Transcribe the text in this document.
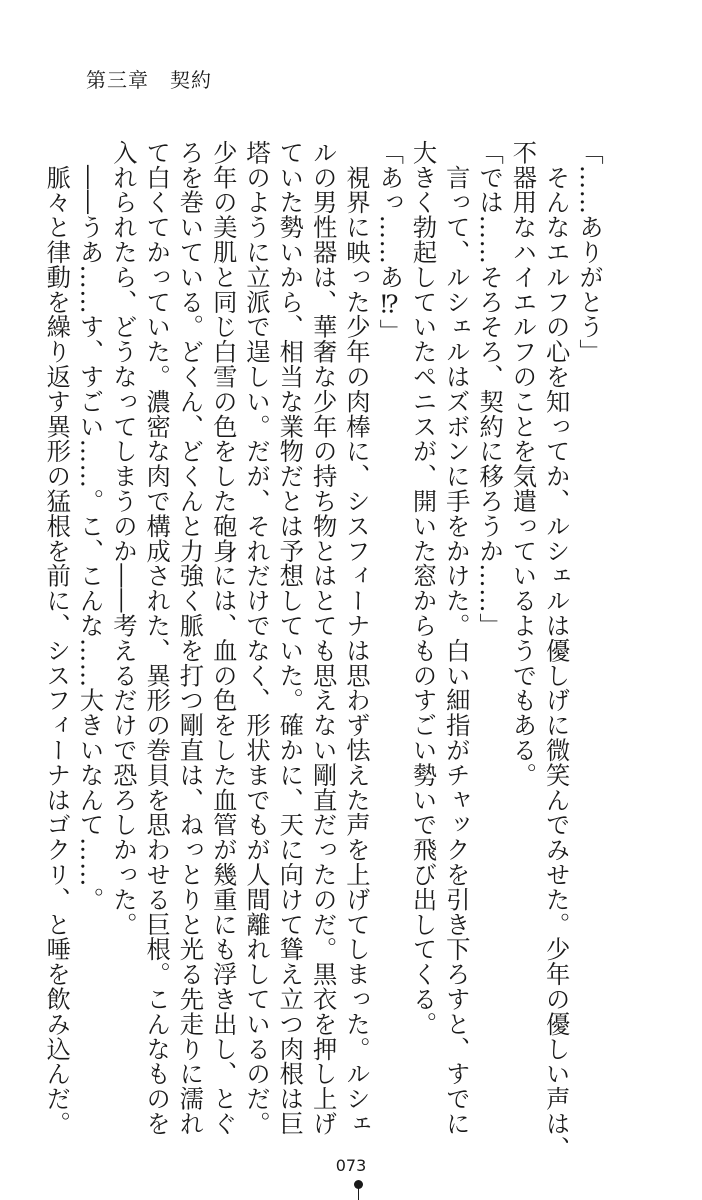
第三章　契約
「……ありがとう」
　そんなエルフの心を知ってか、ルシェルは優しげに微笑んでみせた。少年の優しい声は、
不器用なハイエルフのことを気遣っているようでもある。
「では……そろそろ、契約に移ろうか……」
　言って、ルシェルはズボンに手をかけた。白い細指がチャックを引き下ろすと、すでに
大きく勃起していたペニスが、開いた窓からものすごい勢いで飛び出してくる。
「あっ……あ⁉」
　視界に映った少年の肉棒に、シスフィーナは思わず怯えた声を上げてしまった。ルシェ
ルの男性器は、華奢な少年の持ち物とはとても思えない剛直だったのだ。黒衣を押し上げ
ていた勢いから、相当な業物だとは予想していた。確かに、天に向けて聳え立つ肉根は巨
塔のように立派で逞しい。だが、それだけでなく、形状までもが人間離れしているのだ。
少年の美肌と同じ白雪の色をした砲身には、血の色をした血管が幾重にも浮き出し、とぐ
ろを巻いている。どくん、どくんと力強く脈を打つ剛直は、ねっとりと光る先走りに濡れ
て白くてかっていた。濃密な肉で構成された、異形の巻貝を思わせる巨根。こんなものを
入れられたら、どうなってしまうのか――考えるだけで恐ろしかった。
　――うあ……す、すごい……。こ、こんな……大きいなんて……。
　脈々と律動を繰り返す異形の猛根を前に、シスフィーナはゴクリ、と唾を飲み込んだ。
073
